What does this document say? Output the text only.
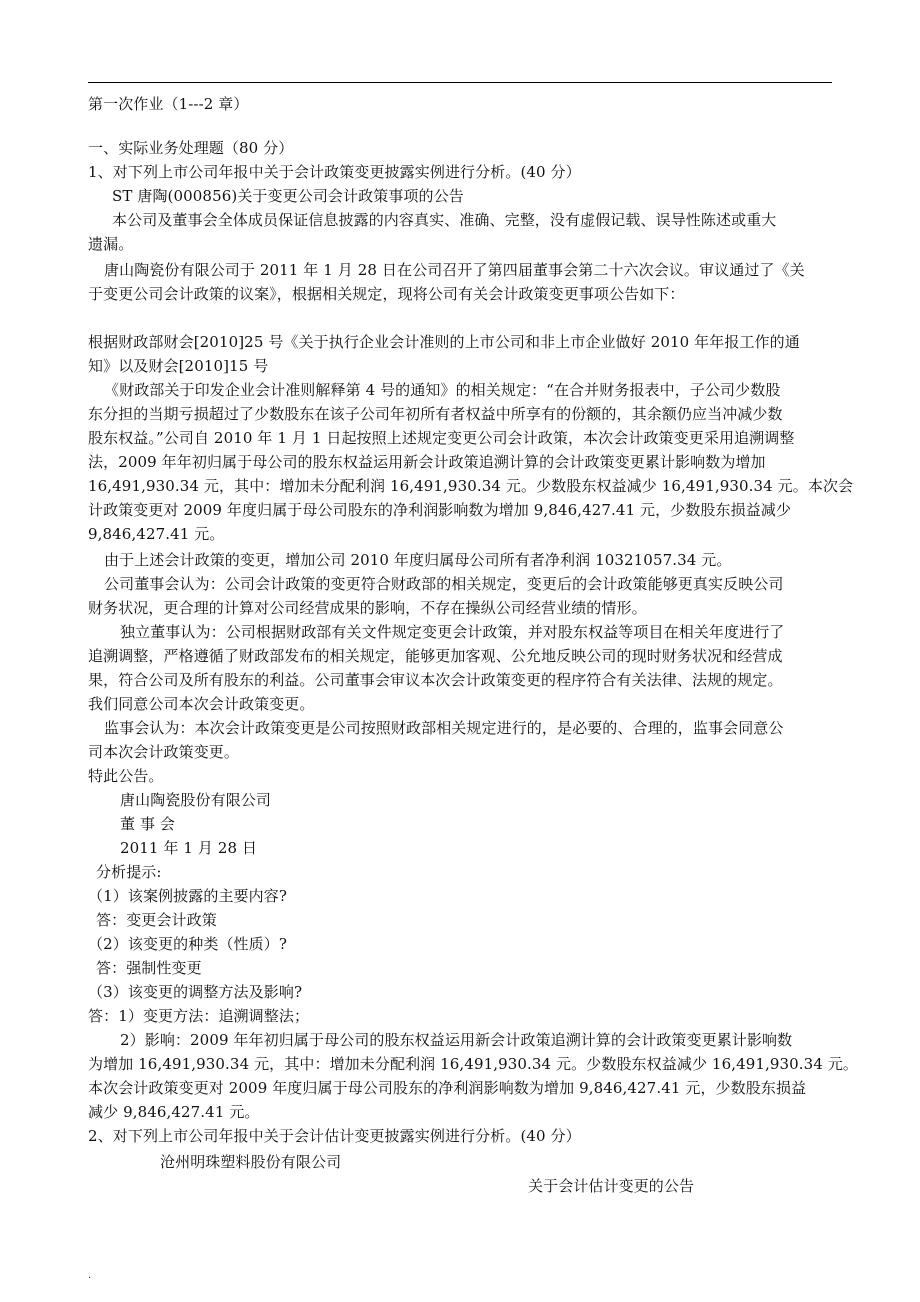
第一次作业（1---2 章）
一、实际业务处理题（80 分）
1、对下列上市公司年报中关于会计政策变更披露实例进行分析。(40 分）
ST 唐陶(000856)关于变更公司会计政策事项的公告
本公司及董事会全体成员保证信息披露的内容真实、准确、完整，没有虚假记载、误导性陈述或重大
遗漏。
唐山陶瓷份有限公司于 2011 年 1 月 28 日在公司召开了第四届董事会第二十六次会议。审议通过了《关
于变更公司会计政策的议案》，根据相关规定，现将公司有关会计政策变更事项公告如下：
根据财政部财会[2010]25 号《关于执行企业会计准则的上市公司和非上市企业做好 2010 年年报工作的通
知》以及财会[2010]15 号
《财政部关于印发企业会计准则解释第 4 号的通知》的相关规定：“在合并财务报表中，子公司少数股
东分担的当期亏损超过了少数股东在该子公司年初所有者权益中所享有的份额的，其余额仍应当冲减少数
股东权益。”公司自 2010 年 1 月 1 日起按照上述规定变更公司会计政策，本次会计政策变更采用追溯调整
法，2009 年年初归属于母公司的股东权益运用新会计政策追溯计算的会计政策变更累计影响数为增加
16,491,930.34 元，其中：增加未分配利润 16,491,930.34 元。少数股东权益减少 16,491,930.34 元。本次会
计政策变更对 2009 年度归属于母公司股东的净利润影响数为增加 9,846,427.41 元，少数股东损益减少
9,846,427.41 元。
由于上述会计政策的变更，增加公司 2010 年度归属母公司所有者净利润 10321057.34 元。
公司董事会认为：公司会计政策的变更符合财政部的相关规定，变更后的会计政策能够更真实反映公司
财务状况，更合理的计算对公司经营成果的影响，不存在操纵公司经营业绩的情形。
独立董事认为：公司根据财政部有关文件规定变更会计政策，并对股东权益等项目在相关年度进行了
追溯调整，严格遵循了财政部发布的相关规定，能够更加客观、公允地反映公司的现时财务状况和经营成
果，符合公司及所有股东的利益。公司董事会审议本次会计政策变更的程序符合有关法律、法规的规定。
我们同意公司本次会计政策变更。
监事会认为：本次会计政策变更是公司按照财政部相关规定进行的，是必要的、合理的，监事会同意公
司本次会计政策变更。
特此公告。
唐山陶瓷股份有限公司
董 事 会
2011 年 1 月 28 日
分析提示:
（1）该案例披露的主要内容?
答：变更会计政策
（2）该变更的种类（性质）?
答：强制性变更
（3）该变更的调整方法及影响?
答：1）变更方法：追溯调整法；
2）影响：2009 年年初归属于母公司的股东权益运用新会计政策追溯计算的会计政策变更累计影响数
为增加 16,491,930.34 元，其中：增加未分配利润 16,491,930.34 元。少数股东权益减少 16,491,930.34 元。
本次会计政策变更对 2009 年度归属于母公司股东的净利润影响数为增加 9,846,427.41 元，少数股东损益
减少 9,846,427.41 元。
2、对下列上市公司年报中关于会计估计变更披露实例进行分析。(40 分）
沧州明珠塑料股份有限公司
关于会计估计变更的公告
.
